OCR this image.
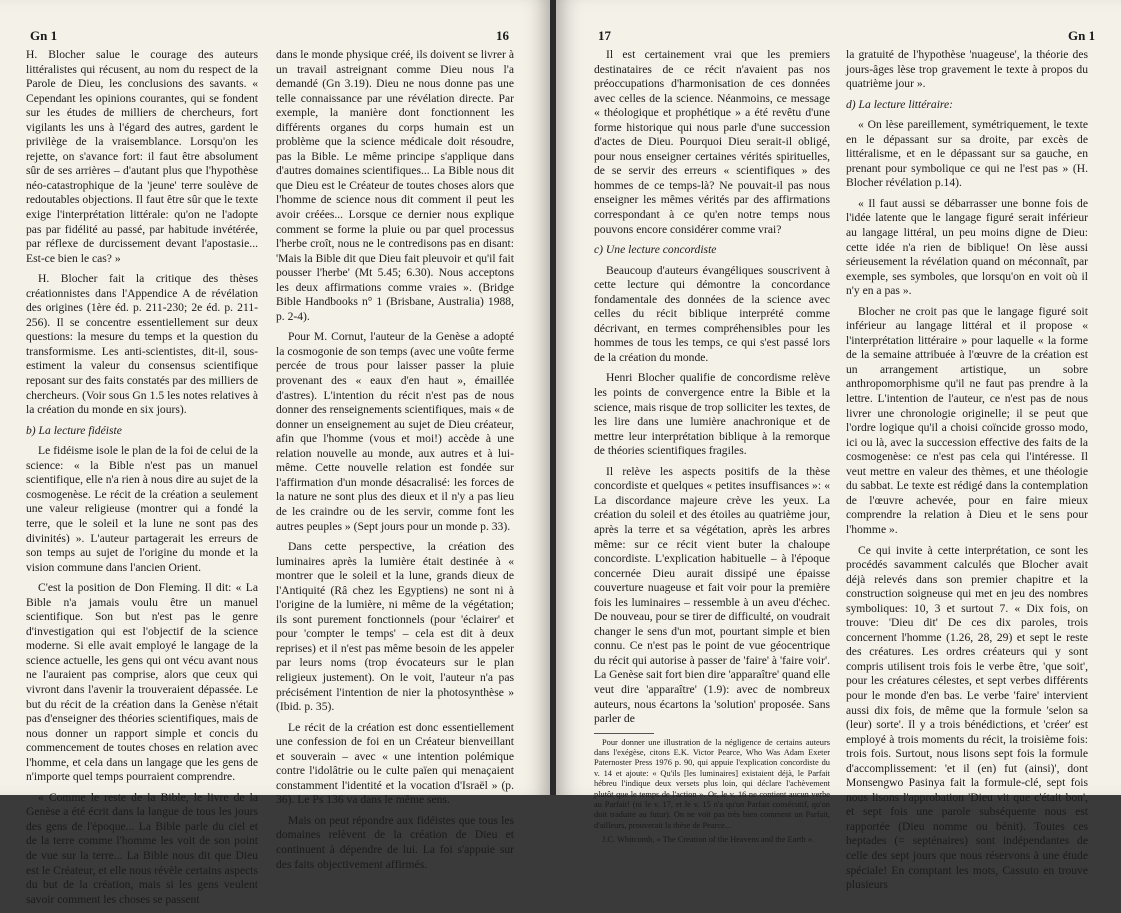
Gn 1	16

H. Blocher salue le courage des auteurs littéralistes qui récusent, au nom du respect de la Parole de Dieu, les conclusions des savants. « Cependant les opinions courantes, qui se fondent sur les études de milliers de chercheurs, fort vigilants les uns à l'égard des autres, gardent le privilège de la vraisemblance. Lorsqu'on les rejette, on s'avance fort: il faut être absolument sûr de ses arrières – d'autant plus que l'hypothèse néo-catastrophique de la 'jeune' terre soulève de redoutables objections. Il faut être sûr que le texte exige l'interprétation littérale: qu'on ne l'adopte pas par fidélité au passé, par habitude invétérée, par réflexe de durcissement devant l'apostasie... Est-ce bien le cas? »

H. Blocher fait la critique des thèses créationnistes dans l'Appendice A de révélation des origines (1ère éd. p. 211-230; 2e éd. p. 211-256). Il se concentre essentiellement sur deux questions: la mesure du temps et la question du transformisme. Les anti-scientistes, dit-il, sous-estiment la valeur du consensus scientifique reposant sur des faits constatés par des milliers de chercheurs. (Voir sous Gn 1.5 les notes relatives à la création du monde en six jours).

b) La lecture fidéiste

Le fidéisme isole le plan de la foi de celui de la science: « la Bible n'est pas un manuel scientifique, elle n'a rien à nous dire au sujet de la cosmogenèse. Le récit de la création a seulement une valeur religieuse (montrer qui a fondé la terre, que le soleil et la lune ne sont pas des divinités) ». L'auteur partagerait les erreurs de son temps au sujet de l'origine du monde et la vision commune dans l'ancien Orient.

C'est la position de Don Fleming. Il dit: « La Bible n'a jamais voulu être un manuel scientifique. Son but n'est pas le genre d'investigation qui est l'objectif de la science moderne. Si elle avait employé le langage de la science actuelle, les gens qui ont vécu avant nous ne l'auraient pas comprise, alors que ceux qui vivront dans l'avenir la trouveraient dépassée. Le but du récit de la création dans la Genèse n'était pas d'enseigner des théories scientifiques, mais de nous donner un rapport simple et concis du commencement de toutes choses en relation avec l'homme, et cela dans un langage que les gens de n'importe quel temps pourraient comprendre.

« Comme le reste de la Bible, le livre de la Genèse a été écrit dans la langue de tous les jours des gens de l'époque... La Bible parle du ciel et de la terre comme l'homme les voit de son point de vue sur la terre... La Bible nous dit que Dieu est le Créateur, et elle nous révèle certains aspects du but de la création, mais si les gens veulent savoir comment les choses se passent

dans le monde physique créé, ils doivent se livrer à un travail astreignant comme Dieu nous l'a demandé (Gn 3.19). Dieu ne nous donne pas une telle connaissance par une révélation directe. Par exemple, la manière dont fonctionnent les différents organes du corps humain est un problème que la science médicale doit résoudre, pas la Bible. Le même principe s'applique dans d'autres domaines scientifiques... La Bible nous dit que Dieu est le Créateur de toutes choses alors que l'homme de science nous dit comment il peut les avoir créées... Lorsque ce dernier nous explique comment se forme la pluie ou par quel processus l'herbe croît, nous ne le contredisons pas en disant: 'Mais la Bible dit que Dieu fait pleuvoir et qu'il fait pousser l'herbe' (Mt 5.45; 6.30). Nous acceptons les deux affirmations comme vraies ». (Bridge Bible Handbooks n° 1 (Brisbane, Australia) 1988, p. 2-4).

Pour M. Cornut, l'auteur de la Genèse a adopté la cosmogonie de son temps (avec une voûte ferme percée de trous pour laisser passer la pluie provenant des « eaux d'en haut », émaillée d'astres). L'intention du récit n'est pas de nous donner des renseignements scientifiques, mais « de donner un enseignement au sujet de Dieu créateur, afin que l'homme (vous et moi!) accède à une relation nouvelle au monde, aux autres et à lui-même. Cette nouvelle relation est fondée sur l'affirmation d'un monde désacralisé: les forces de la nature ne sont plus des dieux et il n'y a pas lieu de les craindre ou de les servir, comme font les autres peuples » (Sept jours pour un monde p. 33).

Dans cette perspective, la création des luminaires après la lumière était destinée à « montrer que le soleil et la lune, grands dieux de l'Antiquité (Râ chez les Egyptiens) ne sont ni à l'origine de la lumière, ni même de la végétation; ils sont purement fonctionnels (pour 'éclairer' et pour 'compter le temps' – cela est dit à deux reprises) et il n'est pas même besoin de les appeler par leurs noms (trop évocateurs sur le plan religieux justement). On le voit, l'auteur n'a pas précisément l'intention de nier la photosynthèse » (Ibid. p. 35).

Le récit de la création est donc essentiellement une confession de foi en un Créateur bienveillant et souverain – avec « une intention polémique contre l'idolâtrie ou le culte païen qui menaçaient constamment l'identité et la vocation d'Israël » (p. 36). Le Ps 136 va dans le même sens.

Mais on peut répondre aux fidéistes que tous les domaines relèvent de la création de Dieu et continuent à dépendre de lui. La foi s'appuie sur des faits objectivement affirmés.

17	Gn 1

Il est certainement vrai que les premiers destinataires de ce récit n'avaient pas nos préoccupations d'harmonisation de ces données avec celles de la science. Néanmoins, ce message « théologique et prophétique » a été revêtu d'une forme historique qui nous parle d'une succession d'actes de Dieu. Pourquoi Dieu serait-il obligé, pour nous enseigner certaines vérités spirituelles, de se servir des erreurs « scientifiques » des hommes de ce temps-là? Ne pouvait-il pas nous enseigner les mêmes vérités par des affirmations correspondant à ce qu'en notre temps nous pouvons encore considérer comme vrai?

c) Une lecture concordiste

Beaucoup d'auteurs évangéliques souscrivent à cette lecture qui démontre la concordance fondamentale des données de la science avec celles du récit biblique interprété comme décrivant, en termes compréhensibles pour les hommes de tous les temps, ce qui s'est passé lors de la création du monde.

Henri Blocher qualifie de concordisme relève les points de convergence entre la Bible et la science, mais risque de trop solliciter les textes, de les lire dans une lumière anachronique et de mettre leur interprétation biblique à la remorque de théories scientifiques fragiles.

Il relève les aspects positifs de la thèse concordiste et quelques « petites insuffisances »: « La discordance majeure crève les yeux. La création du soleil et des étoiles au quatrième jour, après la terre et sa végétation, après les arbres même: sur ce récit vient buter la chaloupe concordiste. L'explication habituelle – à l'époque concernée Dieu aurait dissipé une épaisse couverture nuageuse et fait voir pour la première fois les luminaires – ressemble à un aveu d'échec. De nouveau, pour se tirer de difficulté, on voudrait changer le sens d'un mot, pourtant simple et bien connu. Ce n'est pas le point de vue géocentrique du récit qui autorise à passer de 'faire' à 'faire voir'. La Genèse sait fort bien dire 'apparaître' quand elle veut dire 'apparaître' (1.9): avec de nombreux auteurs, nous écartons la 'solution' proposée. Sans parler de

Pour donner une illustration de la négligence de certains auteurs dans l'exégèse, citons E.K. Victor Pearce, Who Was Adam Exeter Paternoster Press 1976 p. 90, qui appuie l'explication concordiste du v. 14 et ajoute: « Qu'ils [les luminaires] existaient déjà, le Parfait hébreu l'indique deux versets plus loin, qui déclare l'achèvement plutôt que le temps de l'action ». Or, le v. 16 ne contient aucun verbe au Parfait! (ni le v. 17, et le v. 15 n'a qu'un Parfait consécutif, qu'on doit traduire au futur). On ne voit pas très bien comment un Parfait, d'ailleurs, prouverait la thèse de Pearce...

J.C. Whitcomb, « The Creation of the Heavens and the Earth ».

la gratuité de l'hypothèse 'nuageuse', la théorie des jours-âges lèse trop gravement le texte à propos du quatrième jour ».

d) La lecture littéraire:

« On lèse pareillement, symétriquement, le texte en le dépassant sur sa droite, par excès de littéralisme, et en le dépassant sur sa gauche, en prenant pour symbolique ce qui ne l'est pas » (H. Blocher révélation p.14).

« Il faut aussi se débarrasser une bonne fois de l'idée latente que le langage figuré serait inférieur au langage littéral, un peu moins digne de Dieu: cette idée n'a rien de biblique! On lèse aussi sérieusement la révélation quand on méconnaît, par exemple, ses symboles, que lorsqu'on en voit où il n'y en a pas ».

Blocher ne croit pas que le langage figuré soit inférieur au langage littéral et il propose « l'interprétation littéraire » pour laquelle « la forme de la semaine attribuée à l'œuvre de la création est un arrangement artistique, un sobre anthropomorphisme qu'il ne faut pas prendre à la lettre. L'intention de l'auteur, ce n'est pas de nous livrer une chronologie originelle; il se peut que l'ordre logique qu'il a choisi coïncide grosso modo, ici ou là, avec la succession effective des faits de la cosmogenèse: ce n'est pas cela qui l'intéresse. Il veut mettre en valeur des thèmes, et une théologie du sabbat. Le texte est rédigé dans la contemplation de l'œuvre achevée, pour en faire mieux comprendre la relation à Dieu et le sens pour l'homme ».

Ce qui invite à cette interprétation, ce sont les procédés savamment calculés que Blocher avait déjà relevés dans son premier chapitre et la construction soigneuse qui met en jeu des nombres symboliques: 10, 3 et surtout 7. « Dix fois, on trouve: 'Dieu dit' De ces dix paroles, trois concernent l'homme (1.26, 28, 29) et sept le reste des créatures. Les ordres créateurs qui y sont compris utilisent trois fois le verbe être, 'que soit', pour les créatures célestes, et sept verbes différents pour le monde d'en bas. Le verbe 'faire' intervient aussi dix fois, de même que la formule 'selon sa (leur) sorte'. Il y a trois bénédictions, et 'créer' est employé à trois moments du récit, la troisième fois: trois fois. Surtout, nous lisons sept fois la formule d'accomplissement: 'et il (en) fut (ainsi)', dont Monsengwo Pasinya fait la formule-clé, sept fois nous lisons l'approbation 'Dieu vit que c'était bon', et sept fois une parole subséquente nous est rapportée (Dieu nomme ou bénit). Toutes ces heptades (= septénaires) sont indépendantes de celle des sept jours que nous réservons à une étude spéciale! En comptant les mots, Cassuto en trouve plusieurs
